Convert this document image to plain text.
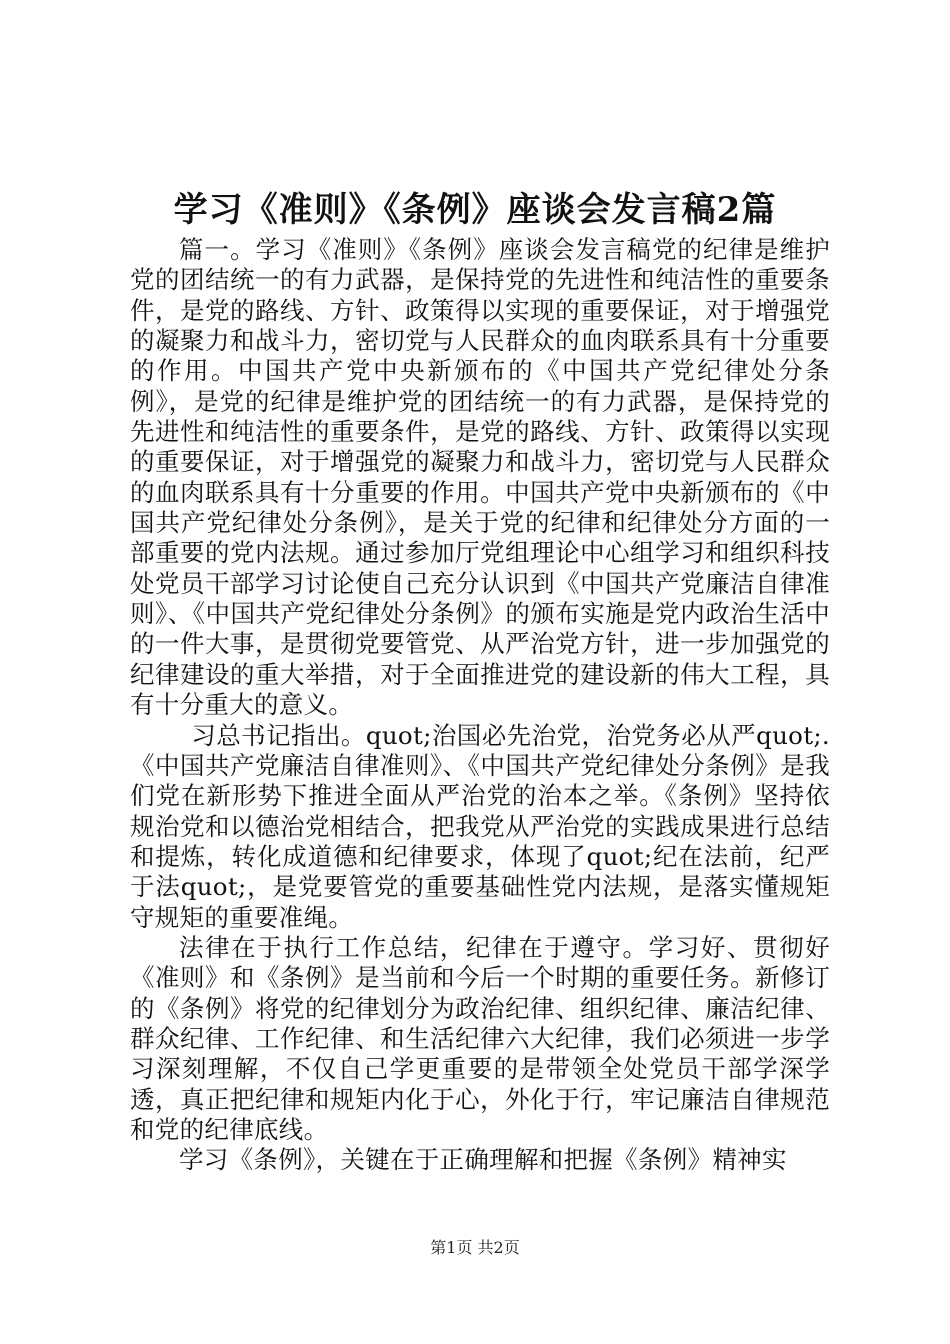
学习《准则》《条例》座谈会发言稿2篇

篇一。学习《准则》《条例》座谈会发言稿党的纪律是维护党的团结统一的有力武器，是保持党的先进性和纯洁性的重要条件，是党的路线、方针、政策得以实现的重要保证，对于增强党的凝聚力和战斗力，密切党与人民群众的血肉联系具有十分重要的作用。中国共产党中央新颁布的《中国共产党纪律处分条例》，是党的纪律是维护党的团结统一的有力武器，是保持党的先进性和纯洁性的重要条件，是党的路线、方针、政策得以实现的重要保证，对于增强党的凝聚力和战斗力，密切党与人民群众的血肉联系具有十分重要的作用。中国共产党中央新颁布的《中国共产党纪律处分条例》，是关于党的纪律和纪律处分方面的一部重要的党内法规。通过参加厅党组理论中心组学习和组织科技处党员干部学习讨论使自己充分认识到《中国共产党廉洁自律准则》、《中国共产党纪律处分条例》的颁布实施是党内政治生活中的一件大事，是贯彻党要管党、从严治党方针，进一步加强党的纪律建设的重大举措，对于全面推进党的建设新的伟大工程，具有十分重大的意义。

习总书记指出。quot;治国必先治党，治党务必从严quot;.《中国共产党廉洁自律准则》、《中国共产党纪律处分条例》是我们党在新形势下推进全面从严治党的治本之举。《条例》坚持依规治党和以德治党相结合，把我党从严治党的实践成果进行总结和提炼，转化成道德和纪律要求，体现了quot;纪在法前，纪严于法quot;，是党要管党的重要基础性党内法规，是落实懂规矩守规矩的重要准绳。

法律在于执行工作总结，纪律在于遵守。学习好、贯彻好《准则》和《条例》是当前和今后一个时期的重要任务。新修订的《条例》将党的纪律划分为政治纪律、组织纪律、廉洁纪律、群众纪律、工作纪律、和生活纪律六大纪律，我们必须进一步学习深刻理解，不仅自己学更重要的是带领全处党员干部学深学透，真正把纪律和规矩内化于心，外化于行，牢记廉洁自律规范和党的纪律底线。

学习《条例》，关键在于正确理解和把握《条例》精神实

第1页 共2页
